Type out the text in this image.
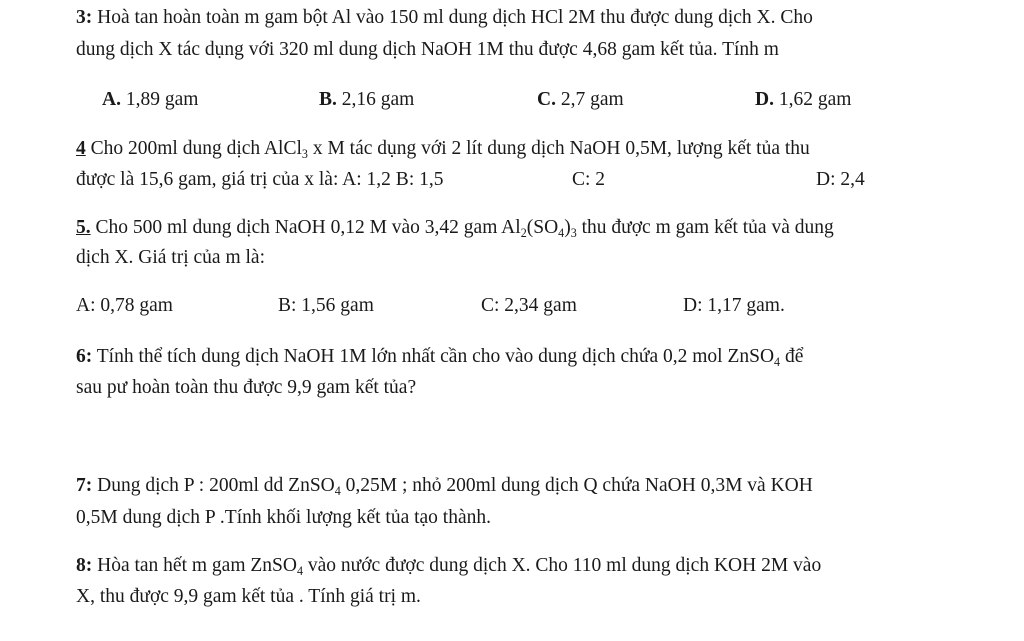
3: Hoà tan hoàn toàn m gam bột Al vào 150 ml dung dịch HCl 2M thu được dung dịch X. Cho
dung dịch X tác dụng với 320 ml dung dịch NaOH 1M thu được 4,68 gam kết tủa. Tính m
A. 1,89 gam	B. 2,16 gam	C. 2,7 gam	D. 1,62 gam
4 Cho 200ml dung dịch AlCl$_3$ x M tác dụng với 2 lít dung dịch NaOH 0,5M, lượng kết tủa thu
được là 15,6 gam, giá trị của x là: A: 1,2 B: 1,5	C: 2	D: 2,4
5. Cho 500 ml dung dịch NaOH 0,12 M vào 3,42 gam $Al_2(SO_4)_3$ thu được m gam kết tủa và dung
dịch X. Giá trị của m là:
A: 0,78 gam	B: 1,56 gam	C: 2,34 gam	D: 1,17 gam.
6: Tính thể tích dung dịch NaOH 1M lớn nhất cần cho vào dung dịch chứa 0,2 mol ZnSO$_4$ để
sau pư hoàn toàn thu được 9,9 gam kết tủa?
7: Dung dịch P : 200ml dd ZnSO$_4$ 0,25M ; nhỏ 200ml dung dịch Q chứa NaOH 0,3M và KOH
0,5M dung dịch P .Tính khối lượng kết tủa tạo thành.
8: Hòa tan hết m gam ZnSO$_4$ vào nước được dung dịch X. Cho 110 ml dung dịch KOH 2M vào
X, thu được 9,9 gam kết tủa . Tính giá trị m.
